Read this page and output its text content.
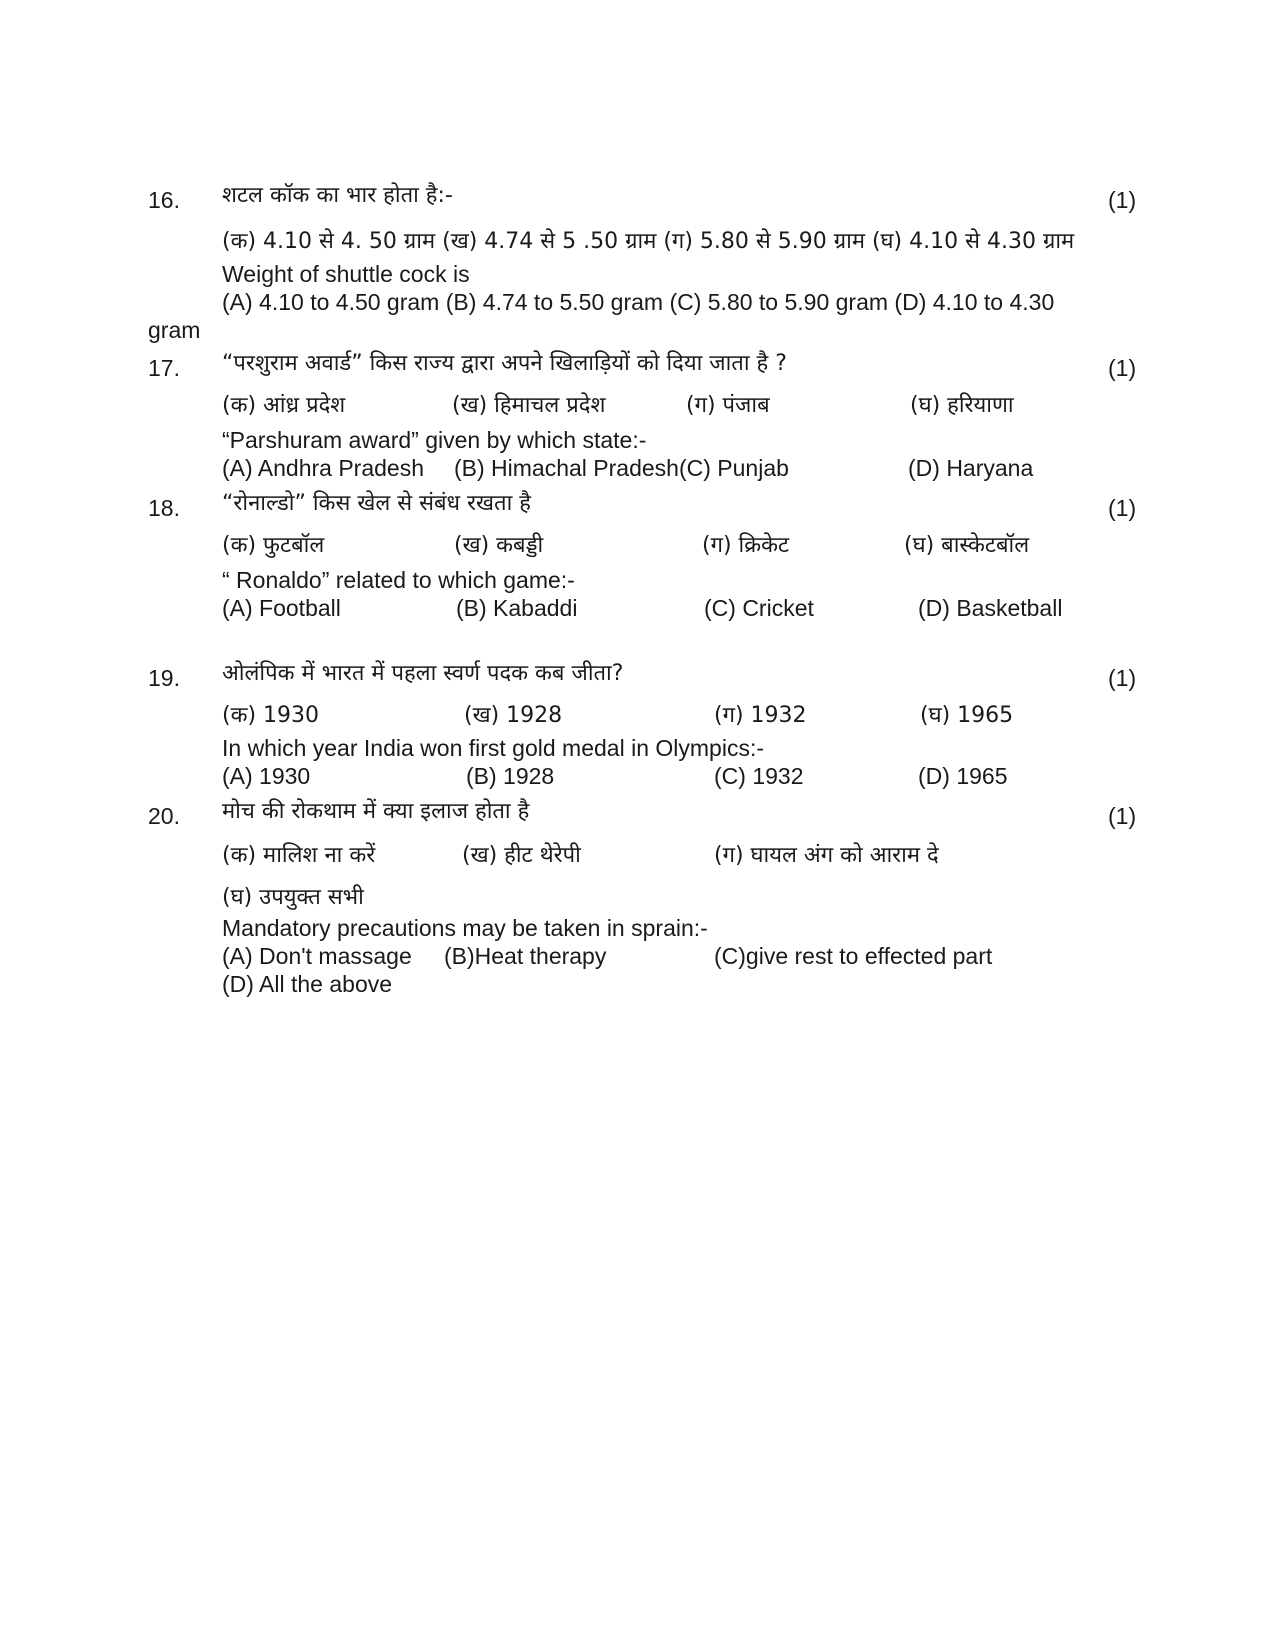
16. शटल कॉक का भार होता है:-	(1)
(क) 4.10 से 4. 50 ग्राम (ख) 4.74 से 5 .50 ग्राम (ग) 5.80 से 5.90 ग्राम (घ) 4.10 से 4.30 ग्राम
Weight of shuttle cock is
(A) 4.10 to 4.50 gram (B) 4.74 to 5.50 gram (C) 5.80 to 5.90 gram (D) 4.10 to 4.30
gram
17. “परशुराम अवार्ड” किस राज्य द्वारा अपने खिलाड़ियों को दिया जाता है ?	(1)
(क) आंध्र प्रदेश	(ख) हिमाचल प्रदेश	(ग) पंजाब	(घ) हरियाणा
“Parshuram award” given by which state:-
(A) Andhra Pradesh (B) Himachal Pradesh(C) Punjab	(D) Haryana
18. “रोनाल्डो” किस खेल से संबंध रखता है	(1)
(क) फुटबॉल	(ख) कबड्डी	(ग) क्रिकेट	(घ) बास्केटबॉल
“ Ronaldo” related to which game:-
(A) Football	(B) Kabaddi	(C) Cricket	(D) Basketball
19. ओलंपिक में भारत में पहला स्वर्ण पदक कब जीता?	(1)
(क) 1930	(ख) 1928	(ग) 1932	(घ) 1965
In which year India won first gold medal in Olympics:-
(A) 1930	(B) 1928	(C) 1932	(D) 1965
20. मोच की रोकथाम में क्या इलाज होता है	(1)
(क) मालिश ना करें	(ख) हीट थेरेपी	(ग) घायल अंग को आराम दे
(घ) उपयुक्त सभी
Mandatory precautions may be taken in sprain:-
(A) Don't massage (B)Heat therapy	(C)give rest to effected part
(D) All the above
